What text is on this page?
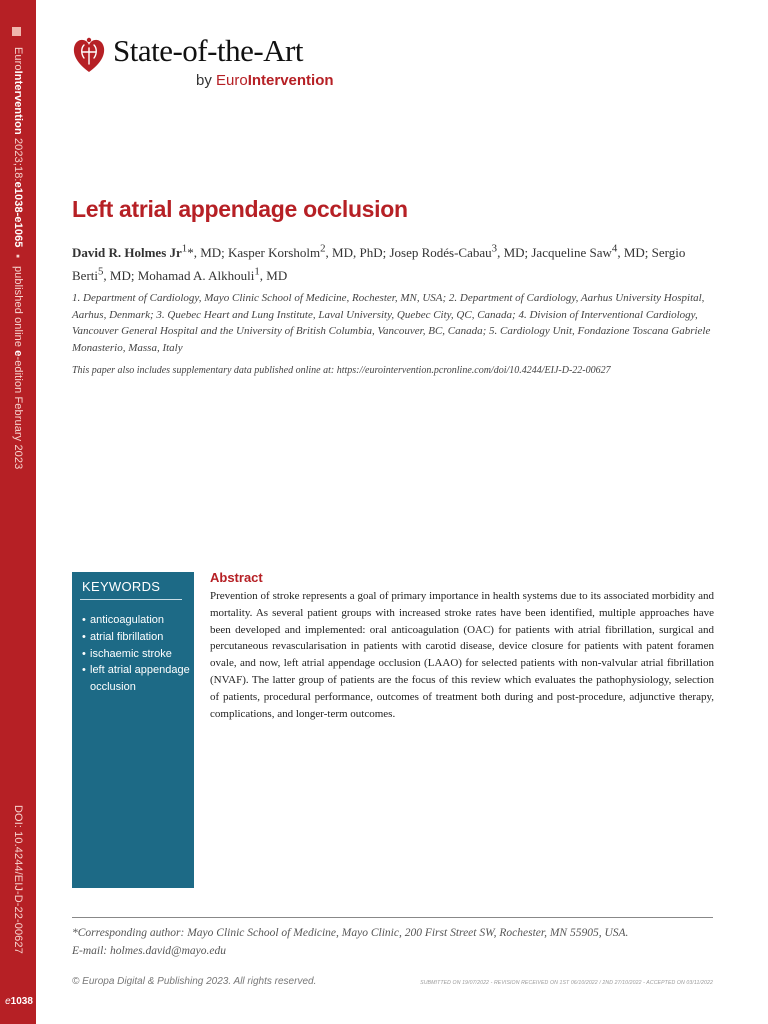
EuroIntervention 2023;18:e1038-e1065 ▪ published online e-edition February 2023
DOI: 10.4244/EIJ-D-22-00627
e1038
State-of-the-Art
by EuroIntervention
Left atrial appendage occlusion
David R. Holmes Jr$^1$*, MD; Kasper Korsholm$^2$, MD, PhD; Josep Rodés-Cabau$^3$, MD; Jacqueline Saw$^4$, MD; Sergio Berti$^5$, MD; Mohamad A. Alkhouli$^1$, MD
1. Department of Cardiology, Mayo Clinic School of Medicine, Rochester, MN, USA; 2. Department of Cardiology, Aarhus University Hospital, Aarhus, Denmark; 3. Quebec Heart and Lung Institute, Laval University, Quebec City, QC, Canada; 4. Division of Interventional Cardiology, Vancouver General Hospital and the University of British Columbia, Vancouver, BC, Canada; 5. Cardiology Unit, Fondazione Toscana Gabriele Monasterio, Massa, Italy
This paper also includes supplementary data published online at: https://eurointervention.pcronline.com/doi/10.4244/EIJ-D-22-00627
KEYWORDS
• anticoagulation
• atrial fibrillation
• ischaemic stroke
• left atrial appendage occlusion
Abstract
Prevention of stroke represents a goal of primary importance in health systems due to its associated morbidity and mortality. As several patient groups with increased stroke rates have been identified, multiple approaches have been developed and implemented: oral anticoagulation (OAC) for patients with atrial fibrillation, surgical and percutaneous revascularisation in patients with carotid disease, device closure for patients with patent foramen ovale, and now, left atrial appendage occlusion (LAAO) for selected patients with non-valvular atrial fibrillation (NVAF). The latter group of patients are the focus of this review which evaluates the pathophysiology, selection of patients, procedural performance, outcomes of treatment both during and post-procedure, adjunctive therapy, complications, and longer-term outcomes.
*Corresponding author: Mayo Clinic School of Medicine, Mayo Clinic, 200 First Street SW, Rochester, MN 55905, USA.
E-mail: holmes.david@mayo.edu
© Europa Digital & Publishing 2023. All rights reserved.	SUBMITTED ON 19/07/2022 - REVISION RECEIVED ON 1ST 06/10/2022 / 2ND 27/10/2022 - ACCEPTED ON 03/11/2022
